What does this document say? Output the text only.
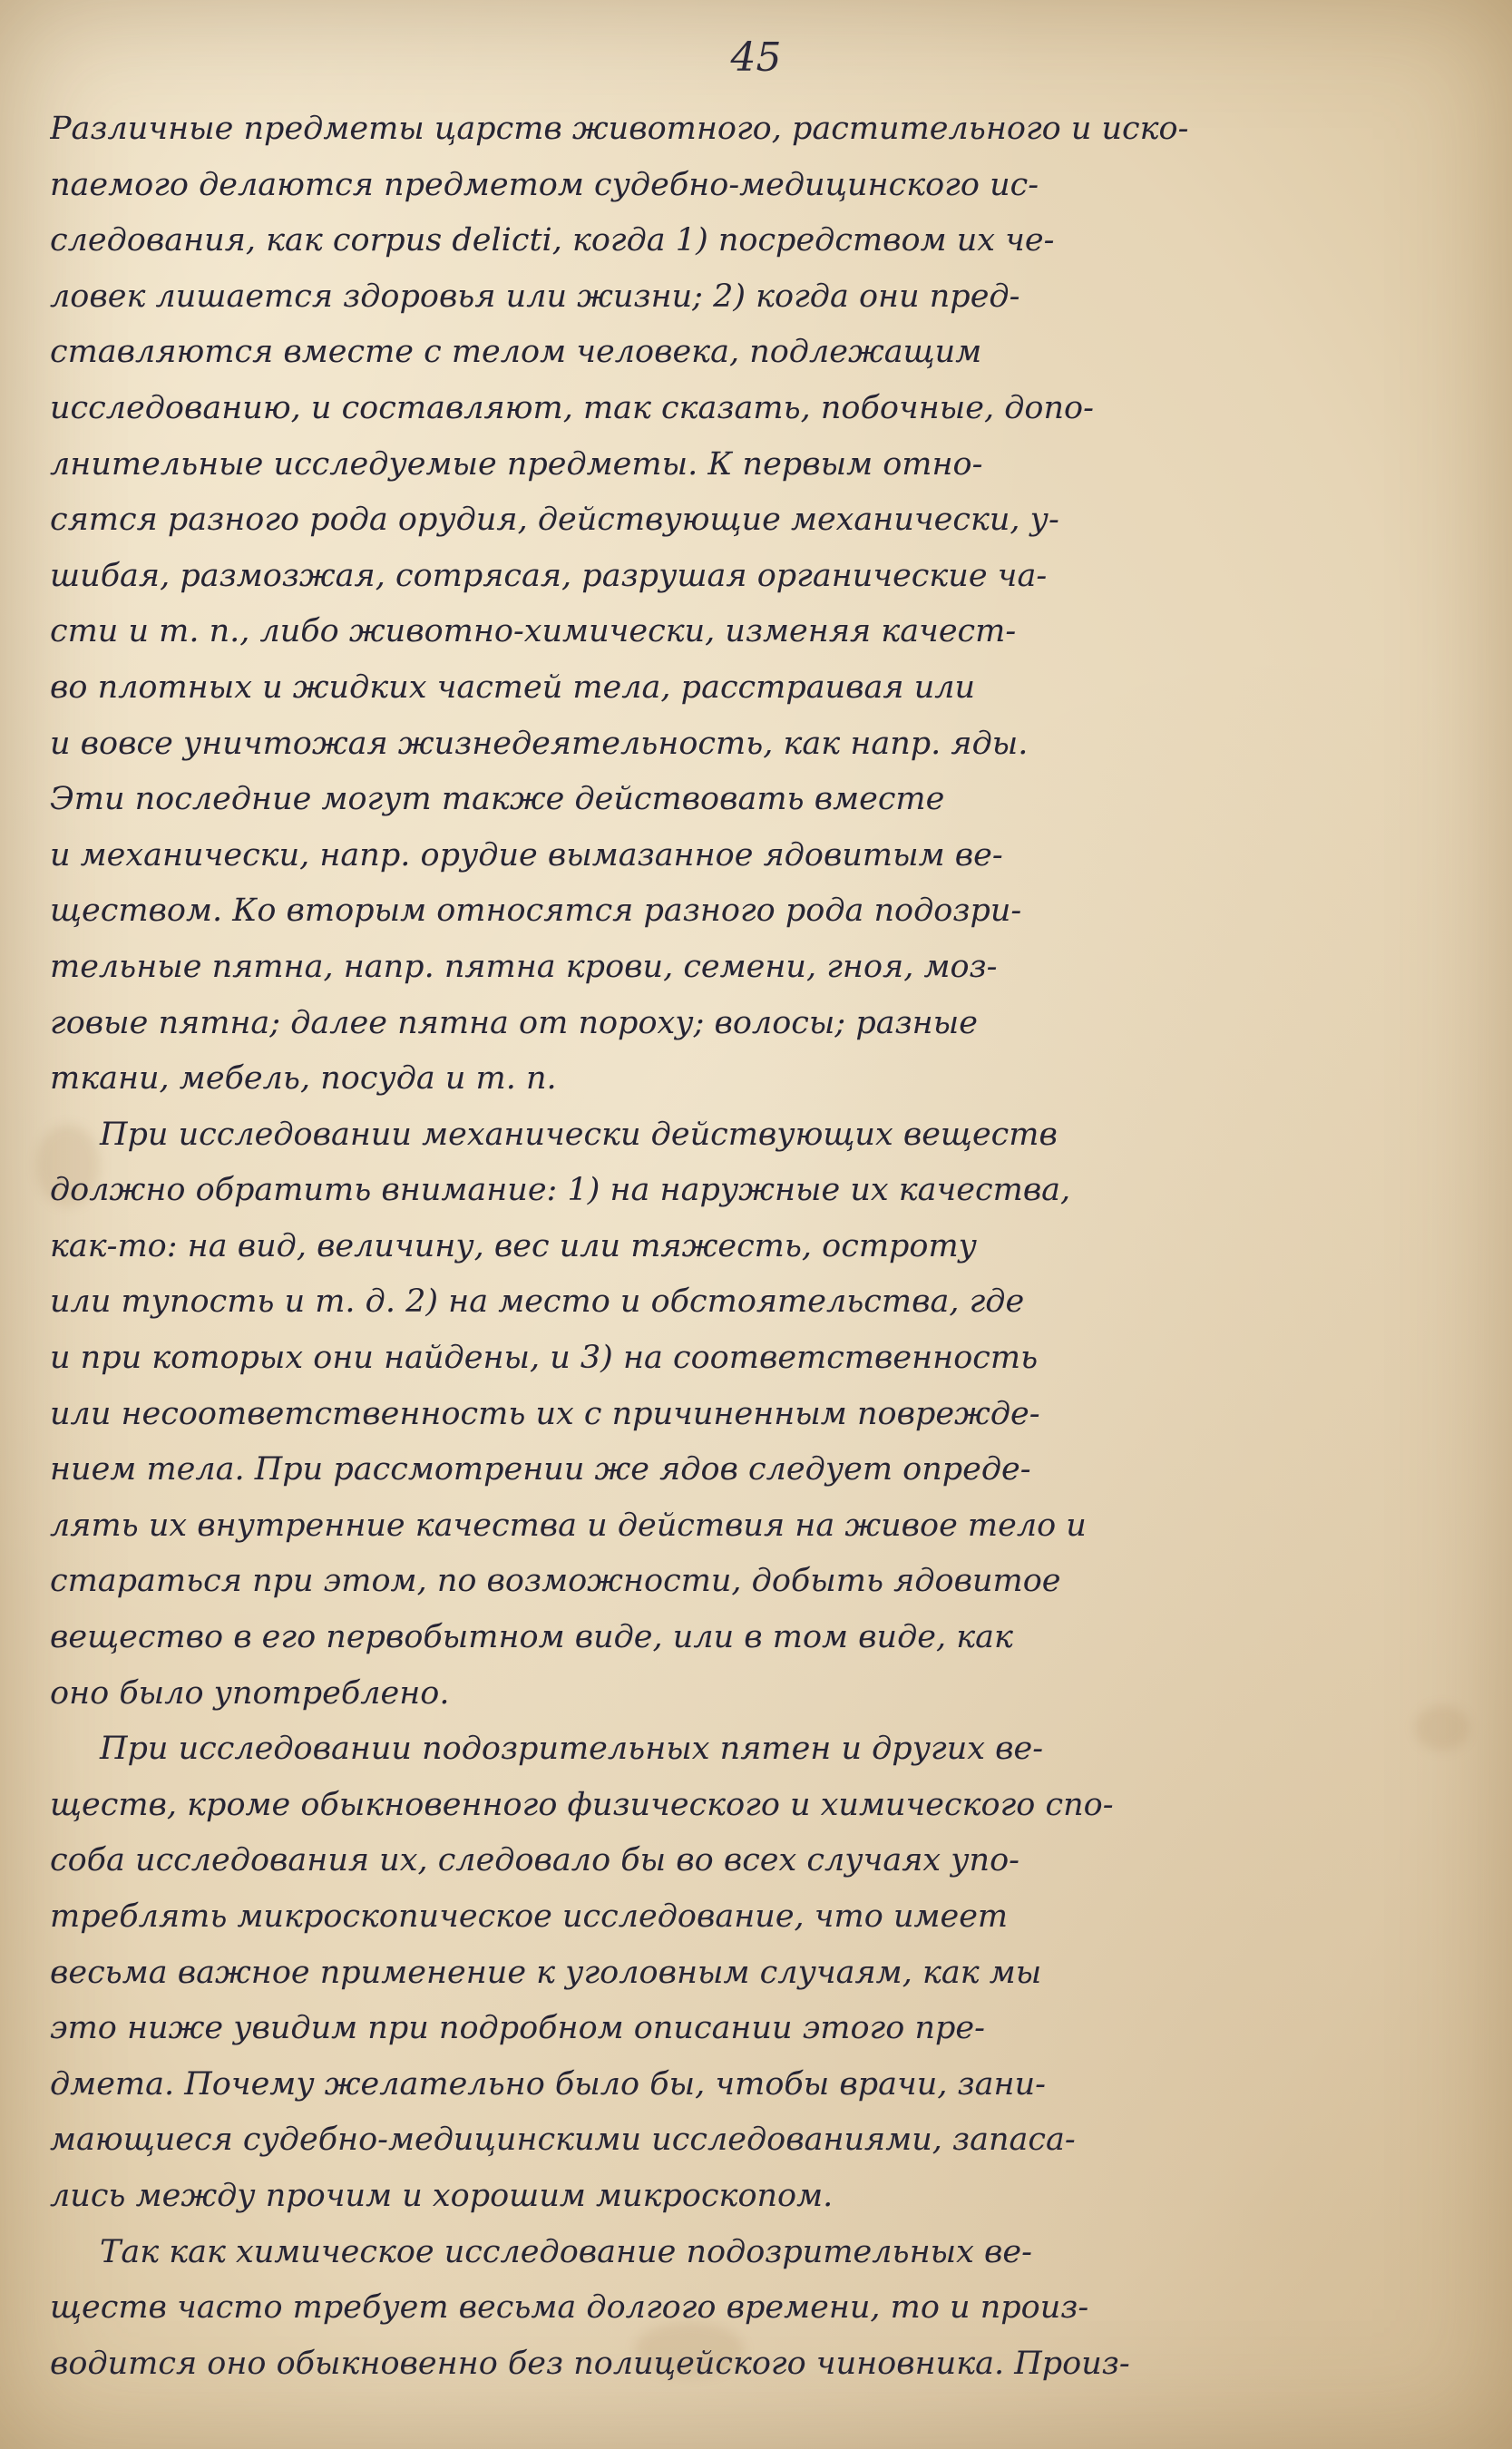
45
Различные предметы царств животного, растительного и иско-
паемого делаются предметом судебно-медицинского ис-
следования, как corpus delicti, когда 1) посредством их че-
ловек лишается здоровья или жизни; 2) когда они пред-
ставляются вместе с телом человека, подлежащим
исследованию, и составляют, так сказать, побочные, допо-
лнительные исследуемые предметы. К первым отно-
сятся разного рода орудия, действующие механически, у-
шибая, размозжая, сотрясая, разрушая органические ча-
сти и т. п., либо животно-химически, изменяя качест-
во плотных и жидких частей тела, расстраивая или
и вовсе уничтожая жизнедеятельность, как напр. яды.
Эти последние могут также действовать вместе
и механически, напр. орудие вымазанное ядовитым ве-
ществом. Ко вторым относятся разного рода подозри-
тельные пятна, напр. пятна крови, семени, гноя, моз-
говые пятна; далее пятна от пороху; волосы; разные
ткани, мебель, посуда и т. п.
При исследовании механически действующих веществ
должно обратить внимание: 1) на наружные их качества,
как-то: на вид, величину, вес или тяжесть, остроту
или тупость и т. д. 2) на место и обстоятельства, где
и при которых они найдены, и 3) на соответственность
или несоответственность их с причиненным поврежде-
нием тела. При рассмотрении же ядов следует опреде-
лять их внутренние качества и действия на живое тело и
стараться при этом, по возможности, добыть ядовитое
вещество в его первобытном виде, или в том виде, как
оно было употреблено.
При исследовании подозрительных пятен и других ве-
ществ, кроме обыкновенного физического и химического спо-
соба исследования их, следовало бы во всех случаях упо-
треблять микроскопическое исследование, что имеет
весьма важное применение к уголовным случаям, как мы
это ниже увидим при подробном описании этого пре-
дмета. Почему желательно было бы, чтобы врачи, зани-
мающиеся судебно-медицинскими исследованиями, запаса-
лись между прочим и хорошим микроскопом.
Так как химическое исследование подозрительных ве-
ществ часто требует весьма долгого времени, то и произ-
водится оно обыкновенно без полицейского чиновника. Произ-
